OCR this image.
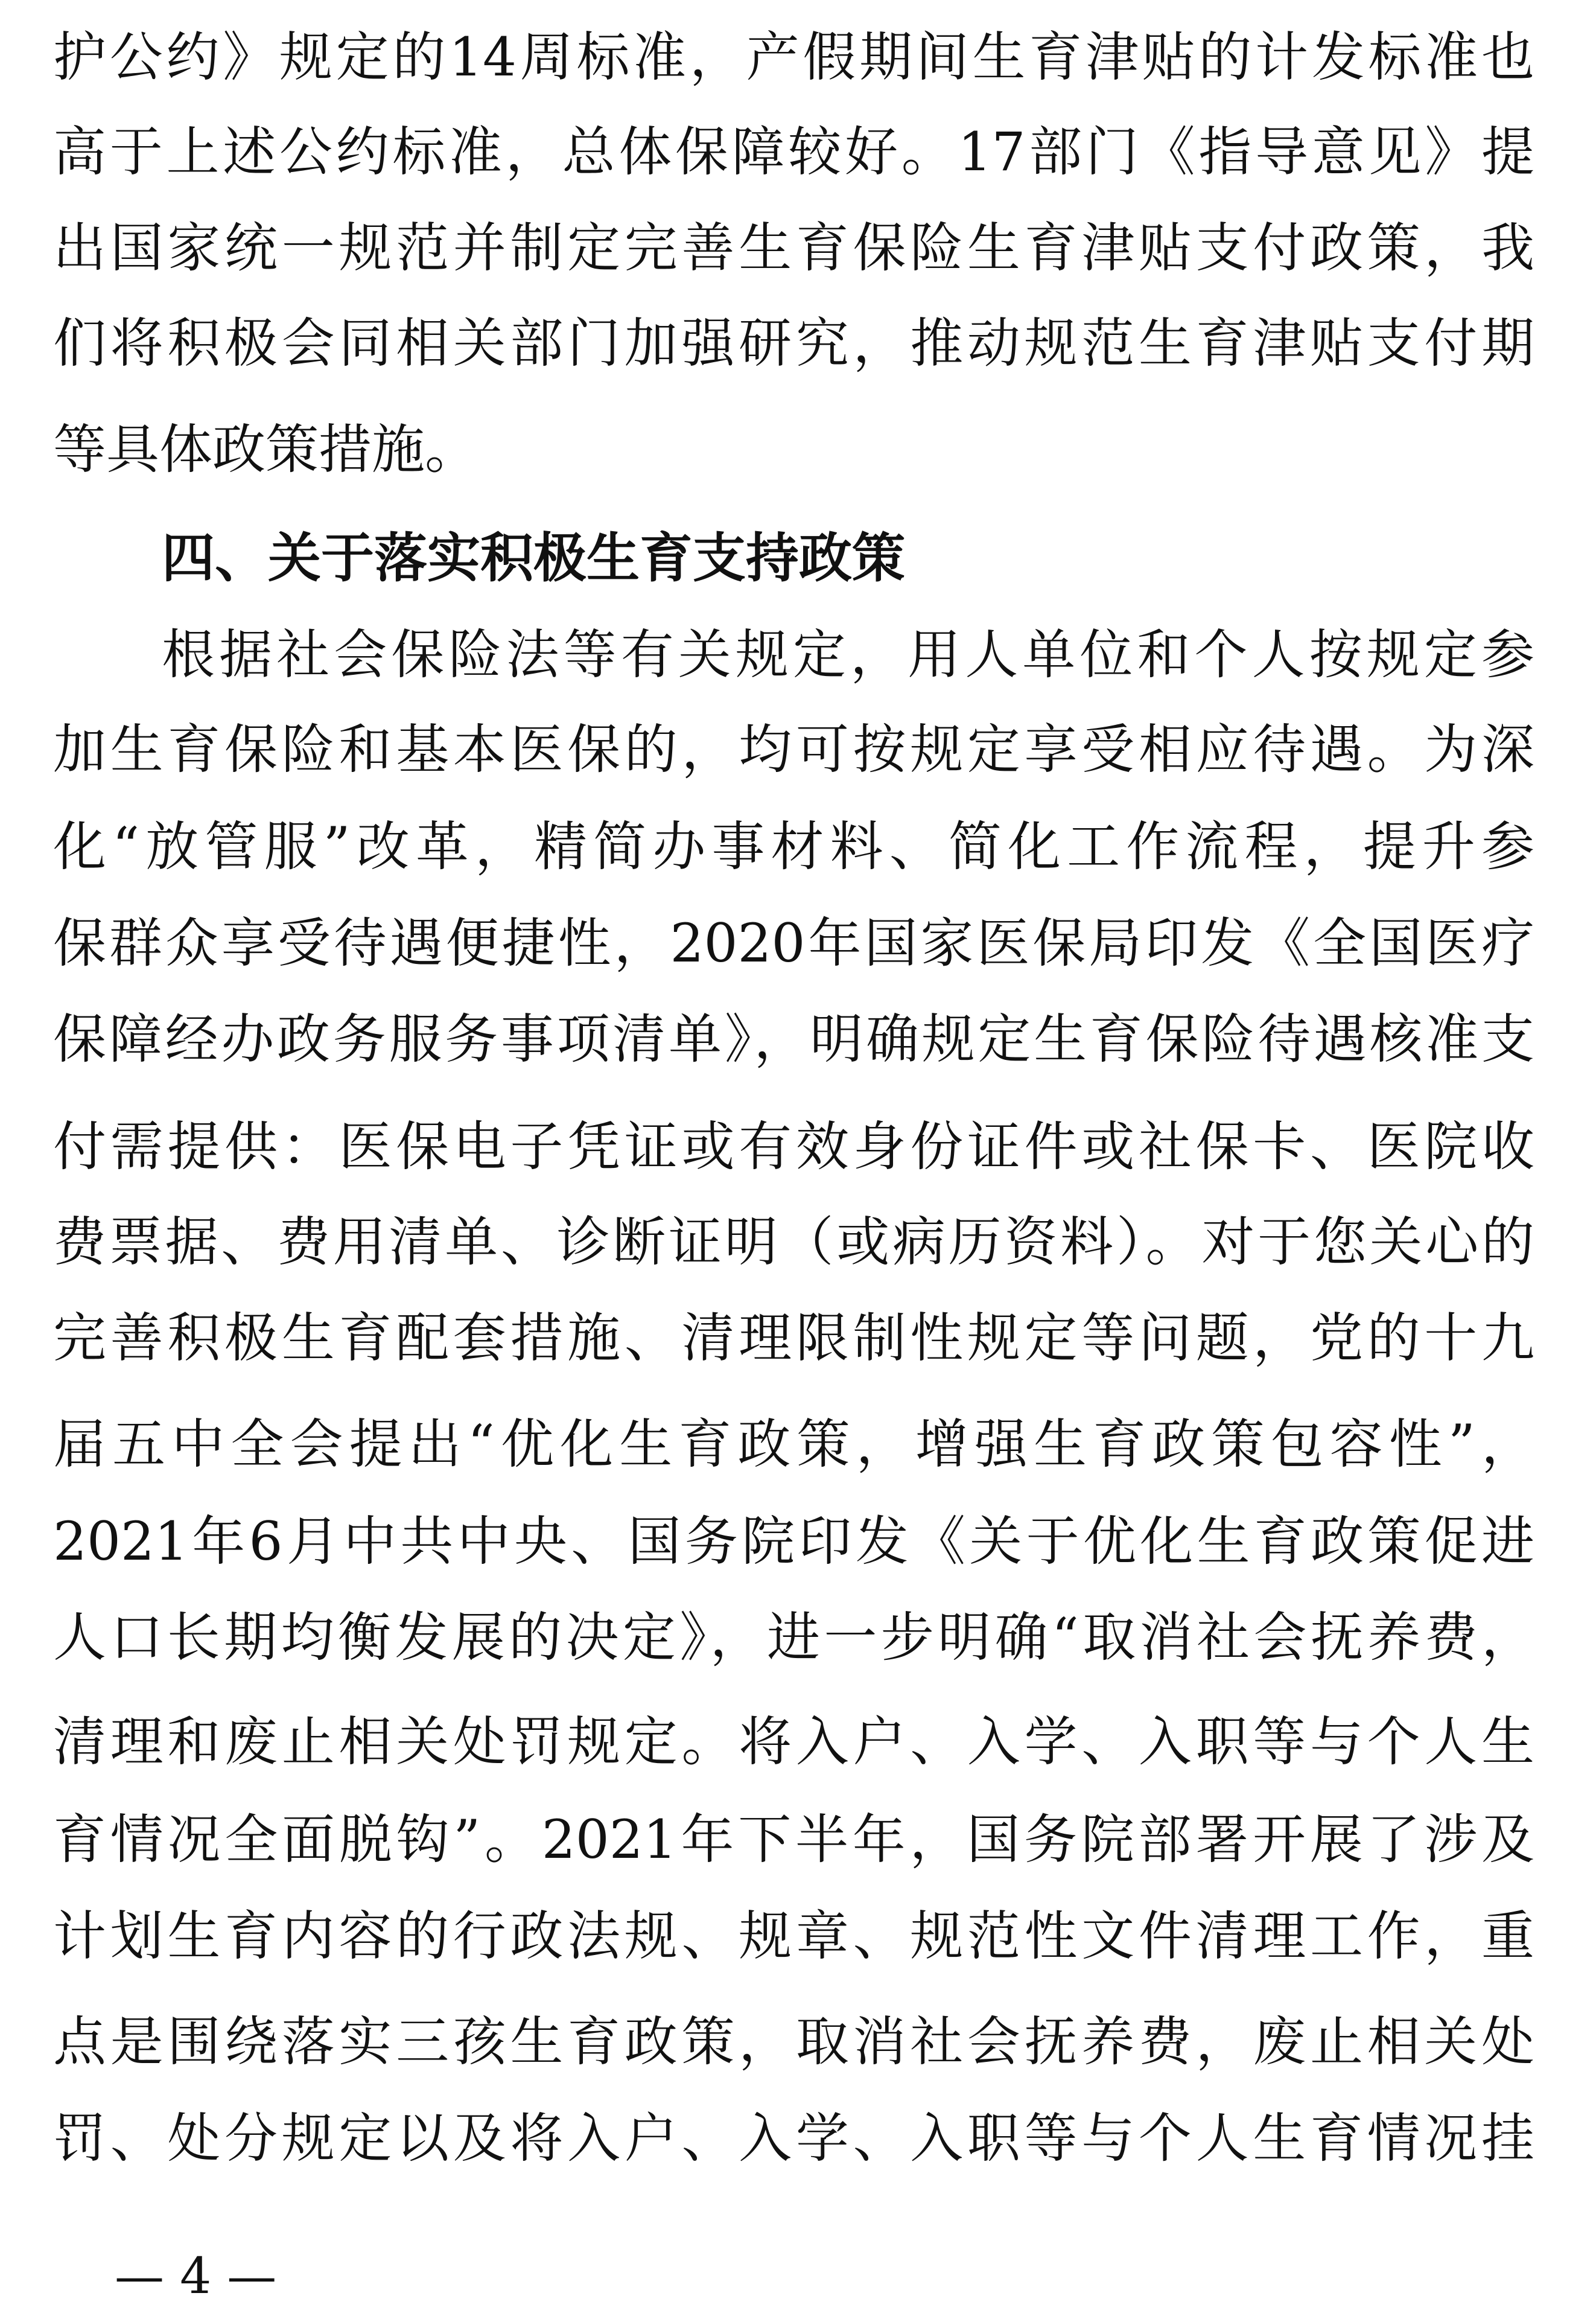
护公约》规定的14周标准，产假期间生育津贴的计发标准也
高于上述公约标准，总体保障较好。17部门《指导意见》提
出国家统一规范并制定完善生育保险生育津贴支付政策，我
们将积极会同相关部门加强研究，推动规范生育津贴支付期
等具体政策措施。
四、关于落实积极生育支持政策
根据社会保险法等有关规定，用人单位和个人按规定参
加生育保险和基本医保的，均可按规定享受相应待遇。为深
化“放管服”改革，精简办事材料、简化工作流程，提升参
保群众享受待遇便捷性，2020年国家医保局印发《全国医疗
保障经办政务服务事项清单》，明确规定生育保险待遇核准支
付需提供：医保电子凭证或有效身份证件或社保卡、医院收
费票据、费用清单、诊断证明（或病历资料）。对于您关心的
完善积极生育配套措施、清理限制性规定等问题，党的十九
届五中全会提出“优化生育政策，增强生育政策包容性”，
2021年6月中共中央、国务院印发《关于优化生育政策促进
人口长期均衡发展的决定》，进一步明确“取消社会抚养费，
清理和废止相关处罚规定。将入户、入学、入职等与个人生
育情况全面脱钩”。2021年下半年，国务院部署开展了涉及
计划生育内容的行政法规、规章、规范性文件清理工作，重
点是围绕落实三孩生育政策，取消社会抚养费，废止相关处
罚、处分规定以及将入户、入学、入职等与个人生育情况挂
— 4 —
